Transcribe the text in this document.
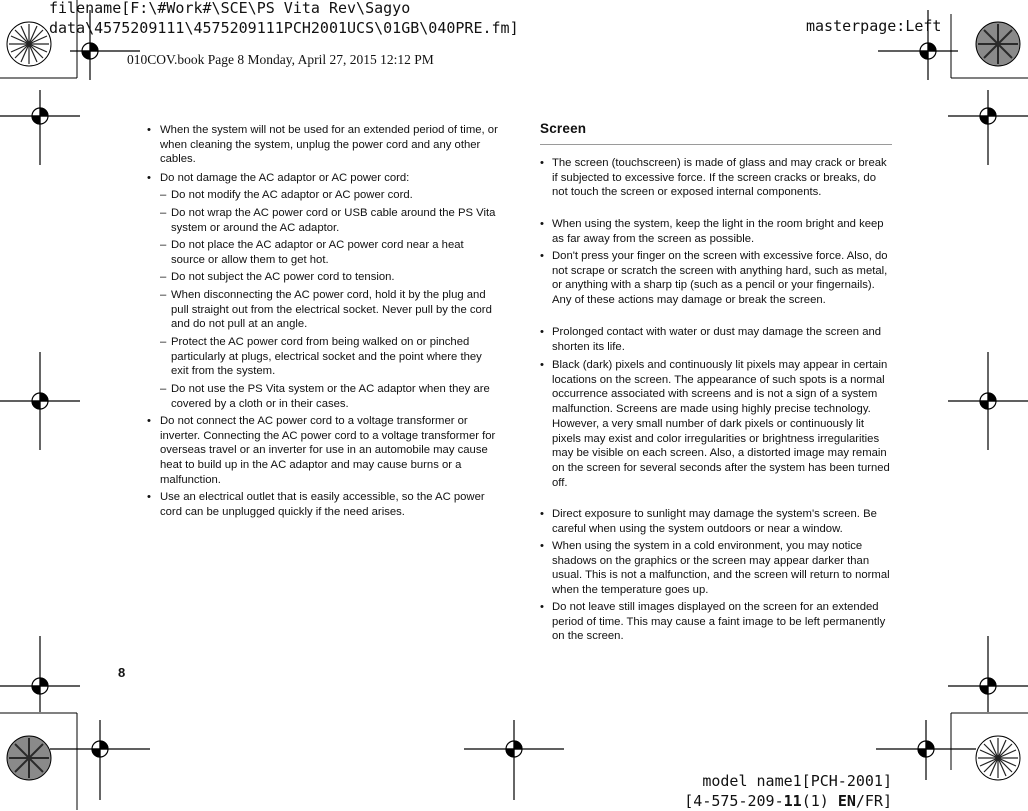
filename[F:\#Work#\SCE\PS Vita Rev\Sagyo
data\4575209111\4575209111PCH2001UCS\01GB\040PRE.fm]	masterpage:Left
010COV.book Page 8 Monday, April 27, 2015 12:12 PM
• When the system will not be used for an extended period of time, or when cleaning the system, unplug the power cord and any other cables.
• Do not damage the AC adaptor or AC power cord:
– Do not modify the AC adaptor or AC power cord.
– Do not wrap the AC power cord or USB cable around the PS Vita system or around the AC adaptor.
– Do not place the AC adaptor or AC power cord near a heat source or allow them to get hot.
– Do not subject the AC power cord to tension.
– When disconnecting the AC power cord, hold it by the plug and pull straight out from the electrical socket. Never pull by the cord and do not pull at an angle.
– Protect the AC power cord from being walked on or pinched particularly at plugs, electrical socket and the point where they exit from the system.
– Do not use the PS Vita system or the AC adaptor when they are covered by a cloth or in their cases.
• Do not connect the AC power cord to a voltage transformer or inverter. Connecting the AC power cord to a voltage transformer for overseas travel or an inverter for use in an automobile may cause heat to build up in the AC adaptor and may cause burns or a malfunction.
• Use an electrical outlet that is easily accessible, so the AC power cord can be unplugged quickly if the need arises.
Screen
• The screen (touchscreen) is made of glass and may crack or break if subjected to excessive force. If the screen cracks or breaks, do not touch the screen or exposed internal components.
• When using the system, keep the light in the room bright and keep as far away from the screen as possible.
• Don't press your finger on the screen with excessive force. Also, do not scrape or scratch the screen with anything hard, such as metal, or anything with a sharp tip (such as a pencil or your fingernails). Any of these actions may damage or break the screen.
• Prolonged contact with water or dust may damage the screen and shorten its life.
• Black (dark) pixels and continuously lit pixels may appear in certain locations on the screen. The appearance of such spots is a normal occurrence associated with screens and is not a sign of a system malfunction. Screens are made using highly precise technology. However, a very small number of dark pixels or continuously lit pixels may exist and color irregularities or brightness irregularities may be visible on each screen. Also, a distorted image may remain on the screen for several seconds after the system has been turned off.
• Direct exposure to sunlight may damage the system's screen. Be careful when using the system outdoors or near a window.
• When using the system in a cold environment, you may notice shadows on the graphics or the screen may appear darker than usual. This is not a malfunction, and the screen will return to normal when the temperature goes up.
• Do not leave still images displayed on the screen for an extended period of time. This may cause a faint image to be left permanently on the screen.
8
model name1[PCH-2001]
[4-575-209-11(1) EN/FR]
